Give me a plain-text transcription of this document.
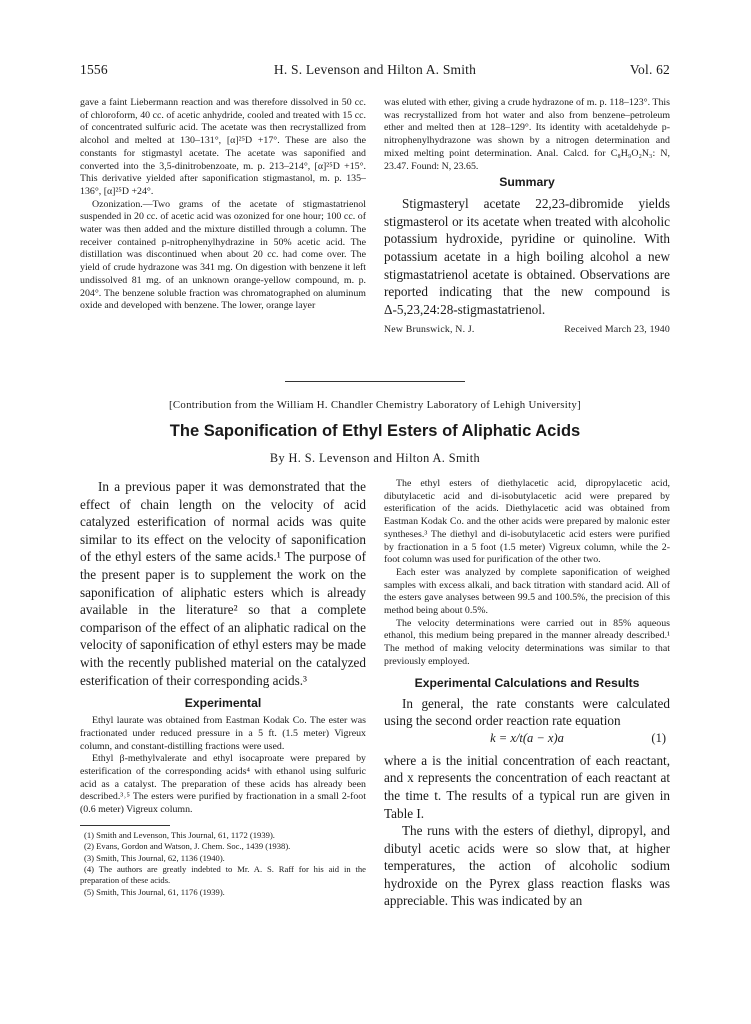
1556	H. S. Levenson and Hilton A. Smith	Vol. 62

gave a faint Liebermann reaction and was therefore dissolved in 50 cc. of chloroform, 40 cc. of acetic anhydride, cooled and treated with 15 cc. of concentrated sulfuric acid. The acetate was then recrystallized from alcohol and melted at 130–131°, [α]²⁵D +17°. These are also the constants for stigmastyl acetate. The acetate was saponified and converted into the 3,5-dinitrobenzoate, m. p. 213–214°, [α]²⁵D +15°. This derivative yielded after saponification stigmastanol, m. p. 135–136°, [α]²⁵D +24°.

Ozonization.—Two grams of the acetate of stigmastatrienol suspended in 20 cc. of acetic acid was ozonized for one hour; 100 cc. of water was then added and the mixture distilled through a column. The receiver contained p-nitrophenylhydrazine in 50% acetic acid. The distillation was discontinued when about 20 cc. had come over. The yield of crude hydrazone was 341 mg. On digestion with benzene it left undissolved 81 mg. of an unknown orange-yellow compound, m. p. 204°. The benzene soluble fraction was chromatographed on aluminum oxide and developed with benzene. The lower, orange layer

was eluted with ether, giving a crude hydrazone of m. p. 118–123°. This was recrystallized from hot water and also from benzene–petroleum ether and melted then at 128–129°. Its identity with acetaldehyde p-nitrophenylhydrazone was shown by a nitrogen determination and mixed melting point determination. Anal. Calcd. for C₈H₉O₂N₃: N, 23.47. Found: N, 23.65.

Summary

Stigmasteryl acetate 22,23-dibromide yields stigmasterol or its acetate when treated with alcoholic potassium hydroxide, pyridine or quinoline. With potassium acetate in a high boiling alcohol a new stigmastatrienol acetate is obtained. Observations are reported indicating that the new compound is Δ-5,23,24:28-stigmastatrienol.

New Brunswick, N. J.	Received March 23, 1940
[Contribution from the William H. Chandler Chemistry Laboratory of Lehigh University]
The Saponification of Ethyl Esters of Aliphatic Acids
By H. S. Levenson and Hilton A. Smith

In a previous paper it was demonstrated that the effect of chain length on the velocity of acid catalyzed esterification of normal acids was quite similar to its effect on the velocity of saponification of the ethyl esters of the same acids.¹ The purpose of the present paper is to supplement the work on the saponification of aliphatic esters which is already available in the literature² so that a complete comparison of the effect of an aliphatic radical on the velocity of saponification of ethyl esters may be made with the recently published material on the catalyzed esterification of their corresponding acids.³

Experimental

Ethyl laurate was obtained from Eastman Kodak Co. The ester was fractionated under reduced pressure in a 5 ft. (1.5 meter) Vigreux column, and constant-distilling fractions were used.

Ethyl β-methylvalerate and ethyl isocaproate were prepared by esterification of the corresponding acids⁴ with ethanol using sulfuric acid as a catalyst. The preparation of these acids has already been described.³˒⁵ The esters were purified by fractionation in a small 2-foot (0.6 meter) Vigreux column.

(1) Smith and Levenson, This Journal, 61, 1172 (1939).

(2) Evans, Gordon and Watson, J. Chem. Soc., 1439 (1938).

(3) Smith, This Journal, 62, 1136 (1940).

(4) The authors are greatly indebted to Mr. A. S. Raff for his aid in the preparation of these acids.

(5) Smith, This Journal, 61, 1176 (1939).

The ethyl esters of diethylacetic acid, dipropylacetic acid, dibutylacetic acid and di-isobutylacetic acid were prepared by esterification of the acids. Diethylacetic acid was obtained from Eastman Kodak Co. and the other acids were prepared by malonic ester syntheses.³ The diethyl and di-isobutylacetic acid esters were purified by fractionation in a 5 foot (1.5 meter) Vigreux column, while the 2-foot column was used for purification of the other two.

Each ester was analyzed by complete saponification of weighed samples with excess alkali, and back titration with standard acid. All of the esters gave analyses between 99.5 and 100.5%, the precision of this method being about 0.5%.

The velocity determinations were carried out in 85% aqueous ethanol, this medium being prepared in the manner already described.¹ The method of making velocity determinations was similar to that previously employed.

Experimental Calculations and Results

In general, the rate constants were calculated using the second order reaction rate equation

k = x/t(a − x)a	(1)

where a is the initial concentration of each reactant, and x represents the concentration of each reactant at the time t. The results of a typical run are given in Table I.

The runs with the esters of diethyl, dipropyl, and dibutyl acetic acids were so slow that, at higher temperatures, the action of alcoholic sodium hydroxide on the Pyrex glass reaction flasks was appreciable. This was indicated by an
